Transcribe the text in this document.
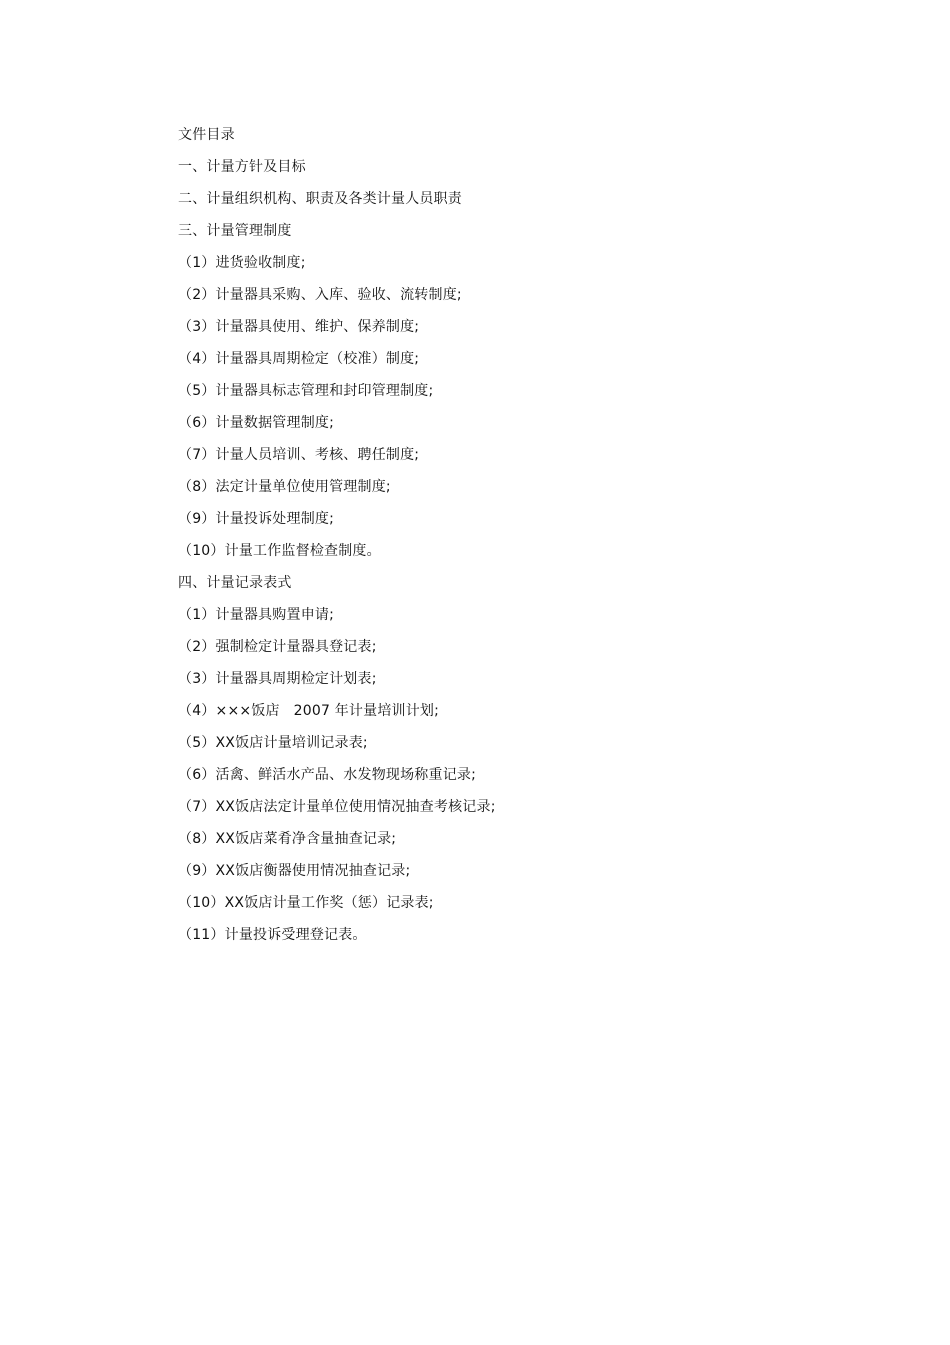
文件目录
一、计量方针及目标
二、计量组织机构、职责及各类计量人员职责
三、计量管理制度
（1）进货验收制度;
（2）计量器具采购、入库、验收、流转制度;
（3）计量器具使用、维护、保养制度;
（4）计量器具周期检定（校准）制度;
（5）计量器具标志管理和封印管理制度;
（6）计量数据管理制度;
（7）计量人员培训、考核、聘任制度;
（8）法定计量单位使用管理制度;
（9）计量投诉处理制度;
（10）计量工作监督检查制度。
四、计量记录表式
（1）计量器具购置申请;
（2）强制检定计量器具登记表;
（3）计量器具周期检定计划表;
（4）×××饭店   2007 年计量培训计划;
（5）XX饭店计量培训记录表;
（6）活禽、鲜活水产品、水发物现场称重记录;
（7）XX饭店法定计量单位使用情况抽查考核记录;
（8）XX饭店菜肴净含量抽查记录;
（9）XX饭店衡器使用情况抽查记录;
（10）XX饭店计量工作奖（惩）记录表;
（11）计量投诉受理登记表。
